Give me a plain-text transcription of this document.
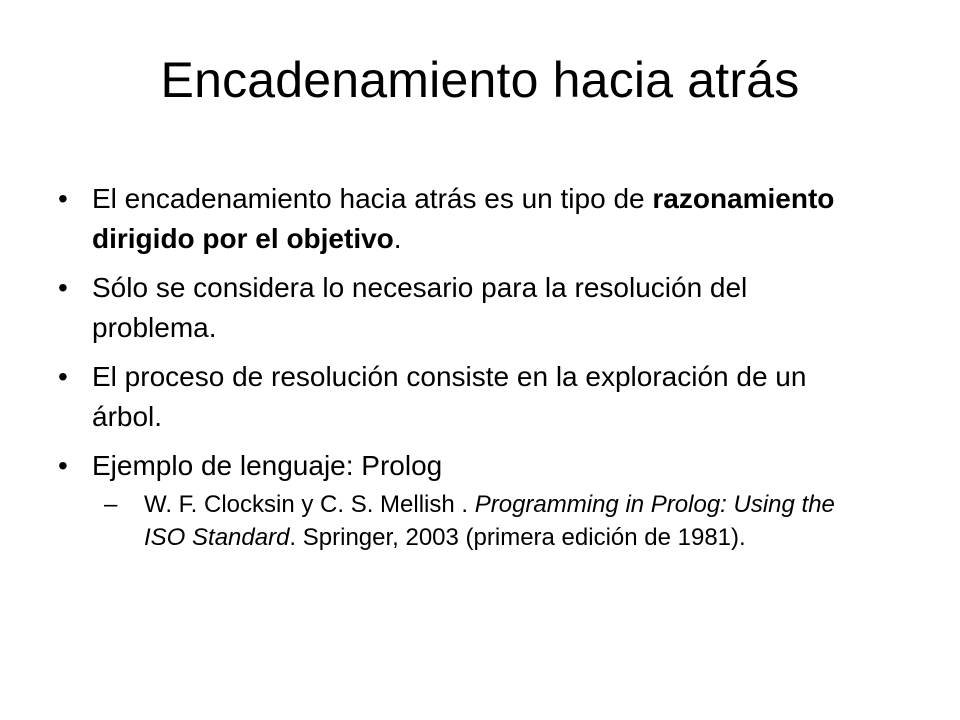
Encadenamiento hacia atrás
• El encadenamiento hacia atrás es un tipo de razonamiento dirigido por el objetivo.
• Sólo se considera lo necesario para la resolución del problema.
• El proceso de resolución consiste en la exploración de un árbol.
• Ejemplo de lenguaje: Prolog
–	W. F. Clocksin y C. S. Mellish . Programming in Prolog: Using the ISO Standard. Springer, 2003 (primera edición de 1981).
